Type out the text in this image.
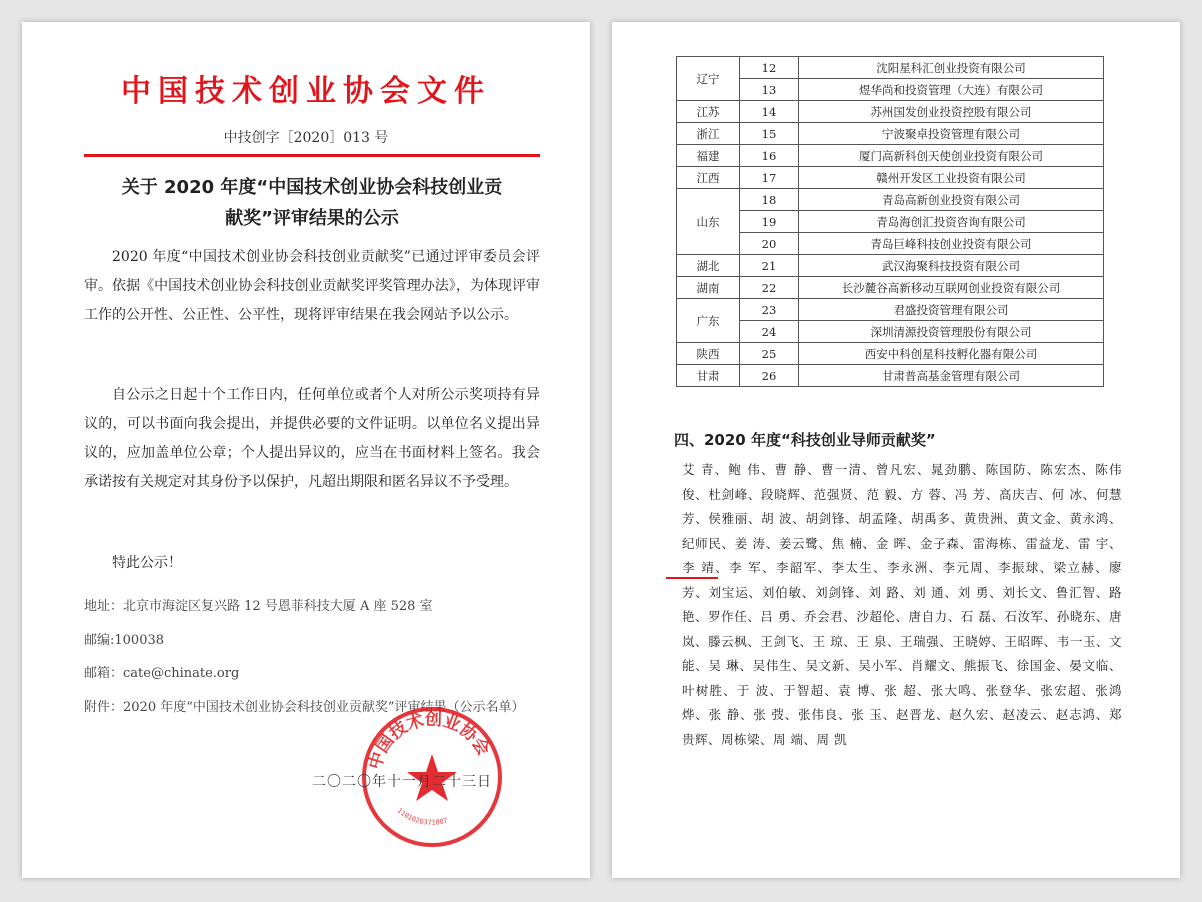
中国技术创业协会文件
中技创字［2020］013 号
关于 2020 年度“中国技术创业协会科技创业贡
献奖”评审结果的公示
2020 年度“中国技术创业协会科技创业贡献奖”已通过评审委员会评审。依据《中国技术创业协会科技创业贡献奖评奖管理办法》，为体现评审工作的公开性、公正性、公平性，现将评审结果在我会网站予以公示。
自公示之日起十个工作日内，任何单位或者个人对所公示奖项持有异议的，可以书面向我会提出，并提供必要的文件证明。以单位名义提出异议的，应加盖单位公章；个人提出异议的，应当在书面材料上签名。我会承诺按有关规定对其身份予以保护，凡超出期限和匿名异议不予受理。
特此公示！
地址：北京市海淀区复兴路 12 号恩菲科技大厦 A 座 528 室
邮编:100038
邮箱：cate@chinate.org
附件：2020 年度“中国技术创业协会科技创业贡献奖”评审结果（公示名单）
中国技术创业协会
1101020371007
二〇二〇年十一月二十三日
辽宁	12	沈阳星科汇创业投资有限公司
	13	煜华尚和投资管理（大连）有限公司
江苏	14	苏州国发创业投资控股有限公司
浙江	15	宁波聚卓投资管理有限公司
福建	16	厦门高新科创天使创业投资有限公司
江西	17	赣州开发区工业投资有限公司
山东	18	青岛高新创业投资有限公司
	19	青岛海创汇投资咨询有限公司
	20	青岛巨峰科技创业投资有限公司
湖北	21	武汉海聚科技投资有限公司
湖南	22	长沙麓谷高新移动互联网创业投资有限公司
广东	23	君盛投资管理有限公司
	24	深圳清源投资管理股份有限公司
陕西	25	西安中科创星科技孵化器有限公司
甘肃	26	甘肃普高基金管理有限公司
四、2020 年度“科技创业导师贡献奖”
艾 青、鲍 伟、曹 静、曹一清、曾凡宏、晁劲鹏、陈国防、陈宏杰、陈伟俊、杜剑峰、段晓辉、范强贤、范 毅、方 蓉、冯 芳、高庆吉、何 冰、何慧芳、侯雅丽、胡 波、胡剑锋、胡孟隆、胡禹多、黄贵洲、黄文金、黄永鸿、纪师民、姜 涛、姜云鹭、焦 楠、金 晖、金子森、雷海栋、雷益龙、雷 宇、李 靖、李 军、李韶军、李太生、李永洲、李元周、李振球、梁立赫、廖 芳、刘宝运、刘伯敏、刘剑锋、刘 路、刘 通、刘 勇、刘长文、鲁汇智、路 艳、罗作任、吕 勇、乔会君、沙超伦、唐自力、石 磊、石汝军、孙晓东、唐 岚、滕云枫、王剑飞、王 琼、王 泉、王瑞强、王晓婷、王昭晖、韦一玉、文 能、吴 琳、吴伟生、吴文新、吴小军、肖耀文、熊振飞、徐国金、晏文临、叶树胜、于 波、于智超、袁 博、张 超、张大鸣、张登华、张宏超、张鸿烨、张 静、张 弢、张伟良、张 玉、赵晋龙、赵久宏、赵凌云、赵志鸿、郑贵辉、周栋梁、周 端、周 凯
